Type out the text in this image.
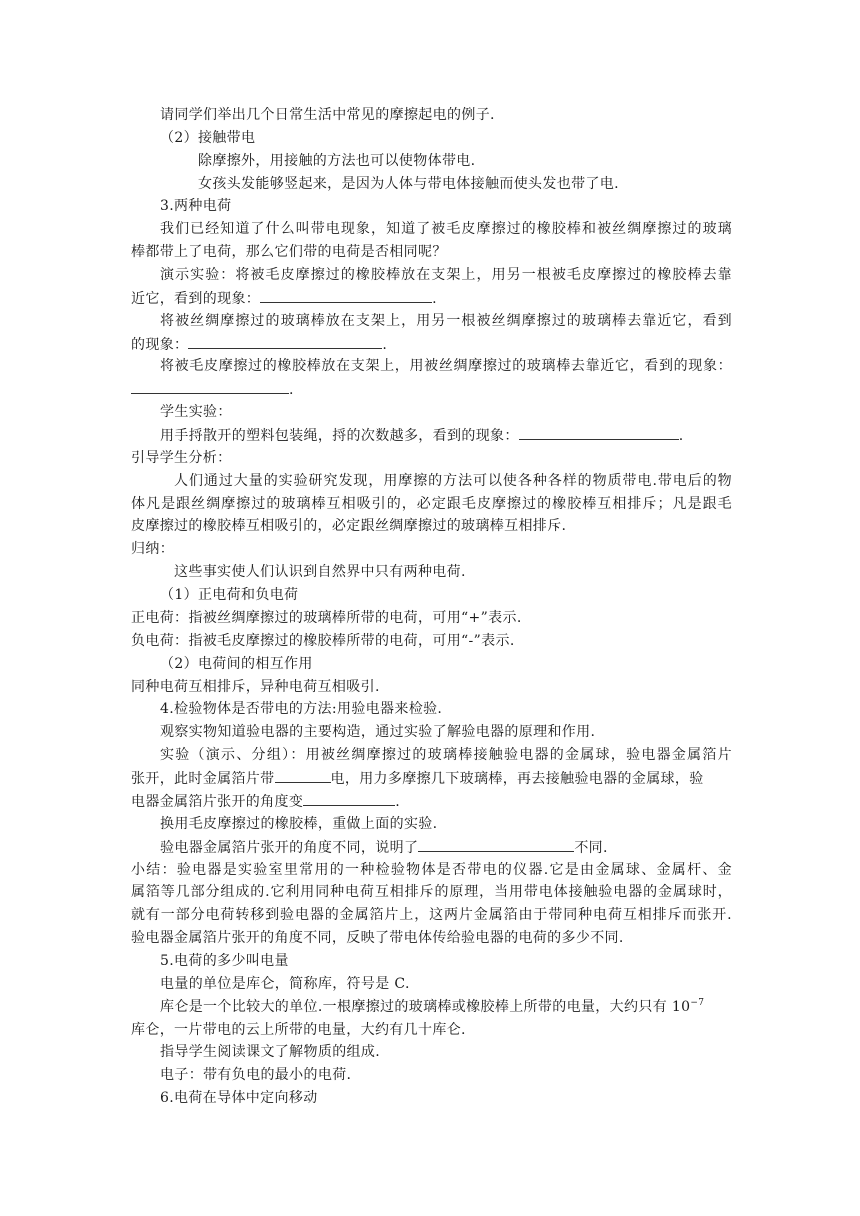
请同学们举出几个日常生活中常见的摩擦起电的例子.
（2）接触带电
除摩擦外，用接触的方法也可以使物体带电.
女孩头发能够竖起来，是因为人体与带电体接触而使头发也带了电.
3.两种电荷
我们已经知道了什么叫带电现象，知道了被毛皮摩擦过的橡胶棒和被丝绸摩擦过的玻璃
棒都带上了电荷，那么它们带的电荷是否相同呢？
演示实验：将被毛皮摩擦过的橡胶棒放在支架上，用另一根被毛皮摩擦过的橡胶棒去靠
近它，看到的现象：	.
将被丝绸摩擦过的玻璃棒放在支架上，用另一根被丝绸摩擦过的玻璃棒去靠近它，看到
的现象：	.
将被毛皮摩擦过的橡胶棒放在支架上，用被丝绸摩擦过的玻璃棒去靠近它，看到的现象：
.
学生实验：
用手捋散开的塑料包装绳，捋的次数越多，看到的现象：	.
引导学生分析：
人们通过大量的实验研究发现，用摩擦的方法可以使各种各样的物质带电.带电后的物
体凡是跟丝绸摩擦过的玻璃棒互相吸引的，必定跟毛皮摩擦过的橡胶棒互相排斥；凡是跟毛
皮摩擦过的橡胶棒互相吸引的，必定跟丝绸摩擦过的玻璃棒互相排斥.
归纳：
这些事实使人们认识到自然界中只有两种电荷.
（1）正电荷和负电荷
正电荷：指被丝绸摩擦过的玻璃棒所带的电荷，可用“+”表示.
负电荷：指被毛皮摩擦过的橡胶棒所带的电荷，可用“-”表示.
（2）电荷间的相互作用
同种电荷互相排斥，异种电荷互相吸引.
4.检验物体是否带电的方法:用验电器来检验.
观察实物知道验电器的主要构造，通过实验了解验电器的原理和作用.
实验（演示、分组）：用被丝绸摩擦过的玻璃棒接触验电器的金属球，验电器金属箔片
张开，此时金属箔片带	电，用力多摩擦几下玻璃棒，再去接触验电器的金属球，验
电器金属箔片张开的角度变	.
换用毛皮摩擦过的橡胶棒，重做上面的实验.
验电器金属箔片张开的角度不同，说明了	不同.
小结：验电器是实验室里常用的一种检验物体是否带电的仪器.它是由金属球、金属杆、金
属箔等几部分组成的.它利用同种电荷互相排斥的原理，当用带电体接触验电器的金属球时，
就有一部分电荷转移到验电器的金属箔片上，这两片金属箔由于带同种电荷互相排斥而张开.
验电器金属箔片张开的角度不同，反映了带电体传给验电器的电荷的多少不同.
5.电荷的多少叫电量
电量的单位是库仑，简称库，符号是 C.
库仑是一个比较大的单位.一根摩擦过的玻璃棒或橡胶棒上所带的电量，大约只有 $10^{-7}$
库仑，一片带电的云上所带的电量，大约有几十库仑.
指导学生阅读课文了解物质的组成.
电子：带有负电的最小的电荷.
6.电荷在导体中定向移动
